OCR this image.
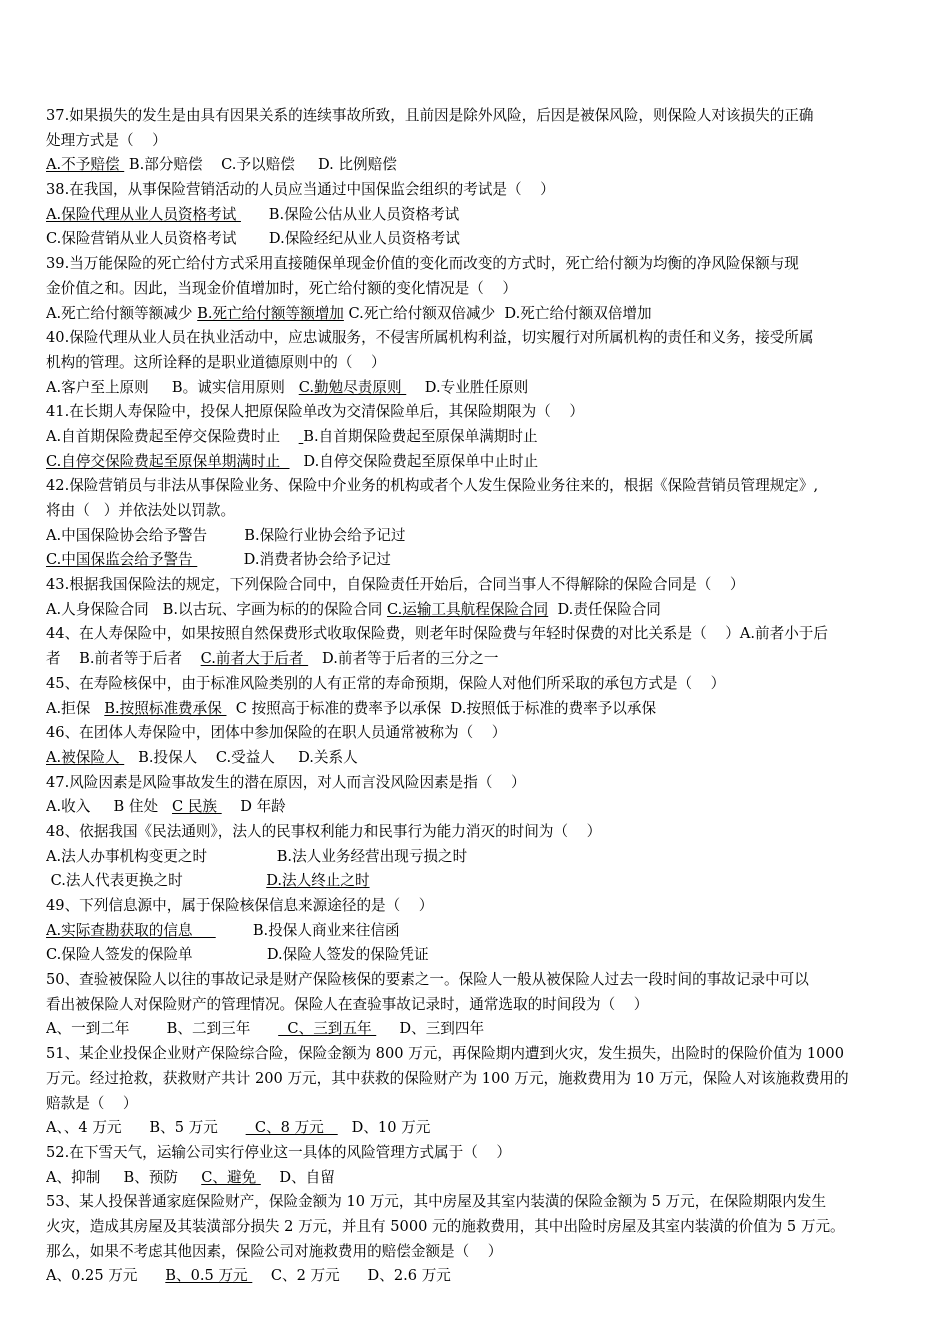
37.如果损失的发生是由具有因果关系的连续事故所致，且前因是除外风险，后因是被保风险，则保险人对该损失的正确
处理方式是（    ）
A.不予赔偿  B.部分赔偿    C.予以赔偿     D. 比例赔偿
38.在我国，从事保险营销活动的人员应当通过中国保监会组织的考试是（    ）
A.保险代理从业人员资格考试       B.保险公估从业人员资格考试
C.保险营销从业人员资格考试       D.保险经纪从业人员资格考试
39.当万能保险的死亡给付方式采用直接随保单现金价值的变化而改变的方式时，死亡给付额为均衡的净风险保额与现
金价值之和。因此，当现金价值增加时，死亡给付额的变化情况是（    ）
A.死亡给付额等额减少 B.死亡给付额等额增加 C.死亡给付额双倍减少  D.死亡给付额双倍增加
40.保险代理从业人员在执业活动中，应忠诚服务，不侵害所属机构利益，切实履行对所属机构的责任和义务，接受所属
机构的管理。这所诠释的是职业道德原则中的（    ）
A.客户至上原则     B。诚实信用原则   C.勤勉尽责原则     D.专业胜任原则
41.在长期人寿保险中，投保人把原保险单改为交清保险单后，其保险期限为（    ）
A.自首期保险费起至停交保险费时止     B.自首期保险费起至原保单满期时止
C.自停交保险费起至原保单期满时止     D.自停交保险费起至原保单中止时止
42.保险营销员与非法从事保险业务、保险中介业务的机构或者个人发生保险业务往来的，根据《保险营销员管理规定》,
将由（   ）并依法处以罚款。
A.中国保险协会给予警告        B.保险行业协会给予记过
C.中国保监会给予警告           D.消费者协会给予记过
43.根据我国保险法的规定，下列保险合同中，自保险责任开始后，合同当事人不得解除的保险合同是（    ）
A.人身保险合同   B.以古玩、字画为标的的保险合同 C.运输工具航程保险合同  D.责任保险合同
44、在人寿保险中，如果按照自然保费形式收取保险费，则老年时保险费与年轻时保费的对比关系是（    ）A.前者小于后
者    B.前者等于后者    C.前者大于后者    D.前者等于后者的三分之一
45、在寿险核保中，由于标准风险类别的人有正常的寿命预期，保险人对他们所采取的承包方式是（    ）
A.拒保   B.按照标准费承保   C 按照高于标准的费率予以承保  D.按照低于标准的费率予以承保
46、在团体人寿保险中，团体中参加保险的在职人员通常被称为（    ）
A.被保险人    B.投保人    C.受益人     D.关系人
47.风险因素是风险事故发生的潜在原因，对人而言没风险因素是指（    ）
A.收入     B 住处   C 民族     D 年龄
48、依据我国《民法通则》，法人的民事权利能力和民事行为能力消灭的时间为（    ）
A.法人办事机构变更之时               B.法人业务经营出现亏损之时
C.法人代表更换之时                  D.法人终止之时
49、下列信息源中，属于保险核保信息来源途径的是（    ）
A.实际查勘获取的信息             B.投保人商业来往信函
C.保险人签发的保险单                D.保险人签发的保险凭证
50、查验被保险人以往的事故记录是财产保险核保的要素之一。保险人一般从被保险人过去一段时间的事故记录中可以
看出被保险人对保险财产的管理情况。保险人在查验事故记录时，通常选取的时间段为（    ）
A、一到二年        B、二到三年        C、三到五年      D、三到四年
51、某企业投保企业财产保险综合险，保险金额为 800 万元，再保险期内遭到火灾，发生损失，出险时的保险价值为 1000
万元。经过抢救，获救财产共计 200 万元，其中获救的保险财产为 100 万元，施救费用为 10 万元，保险人对该施救费用的
赔款是（    ）
A、、4 万元      B、5 万元        C、8 万元      D、10 万元
52.在下雪天气，运输公司实行停业这一具体的风险管理方式属于（    ）
A、抑制     B、预防     C、避免     D、自留
53、某人投保普通家庭保险财产，保险金额为 10 万元，其中房屋及其室内装潢的保险金额为 5 万元，在保险期限内发生
火灾，造成其房屋及其装潢部分损失 2 万元，并且有 5000 元的施救费用，其中出险时房屋及其室内装潢的价值为 5 万元。
那么，如果不考虑其他因素，保险公司对施救费用的赔偿金额是（    ）
A、0.25 万元      B、0.5 万元     C、2 万元      D、2.6 万元
